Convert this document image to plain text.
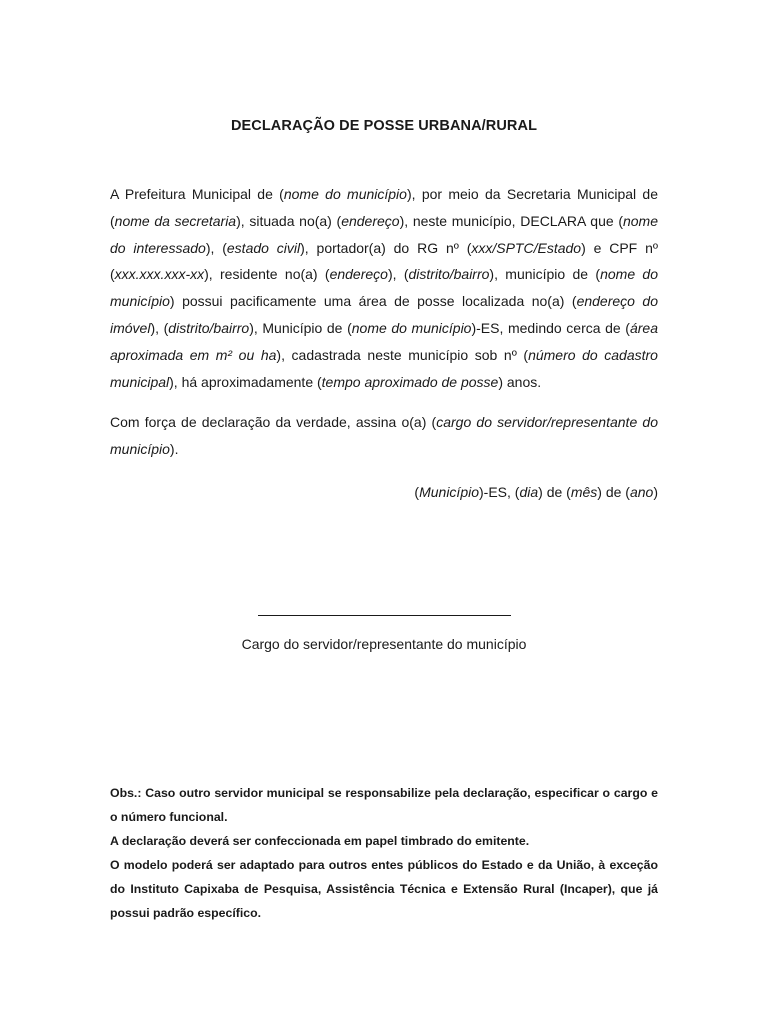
DECLARAÇÃO DE POSSE URBANA/RURAL
A Prefeitura Municipal de (nome do município), por meio da Secretaria Municipal de (nome da secretaria), situada no(a) (endereço), neste município, DECLARA que (nome do interessado), (estado civil), portador(a) do RG nº (xxx/SPTC/Estado) e CPF nº (xxx.xxx.xxx-xx), residente no(a) (endereço), (distrito/bairro), município de (nome do município) possui pacificamente uma área de posse localizada no(a) (endereço do imóvel), (distrito/bairro), Município de (nome do município)-ES, medindo cerca de (área aproximada em m² ou ha), cadastrada neste município sob nº (número do cadastro municipal), há aproximadamente (tempo aproximado de posse) anos.
Com força de declaração da verdade, assina o(a) (cargo do servidor/representante do município).
(Município)-ES, (dia) de (mês) de (ano)
Cargo do servidor/representante do município

Obs.: Caso outro servidor municipal se responsabilize pela declaração, especificar o cargo e o número funcional.

A declaração deverá ser confeccionada em papel timbrado do emitente.

O modelo poderá ser adaptado para outros entes públicos do Estado e da União, à exceção do Instituto Capixaba de Pesquisa, Assistência Técnica e Extensão Rural (Incaper), que já possui padrão específico.
